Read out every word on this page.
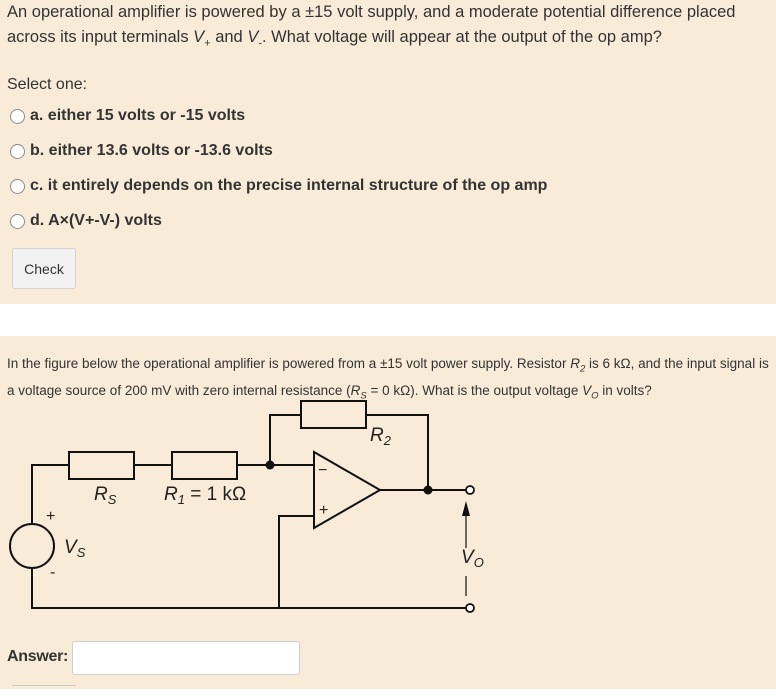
An operational amplifier is powered by a ±15 volt supply, and a moderate potential difference placed across its input terminals $V_+$ and $V_-$. What voltage will appear at the output of the op amp?
Select one:
a. either 15 volts or -15 volts
b. either 13.6 volts or -13.6 volts
c. it entirely depends on the precise internal structure of the op amp
d. A×(V+-V-) volts
Check
In the figure below the operational amplifier is powered from a ±15 volt power supply. Resistor $R_2$ is 6 kΩ, and the input signal is a voltage source of 200 mV with zero internal resistance ($R_S = 0$ kΩ). What is the output voltage $V_O$ in volts?
$R_2$
$R_S$	$R_1 = 1$ kΩ
$V_S$	$V_O$
+
-
−
+
Answer:
